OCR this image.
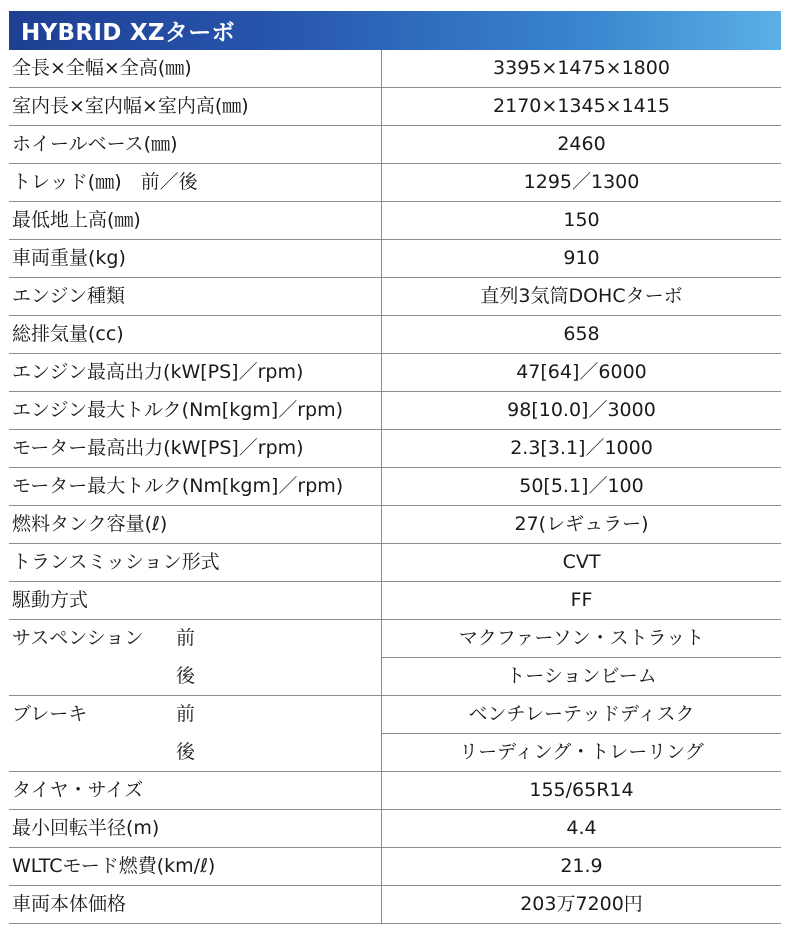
HYBRID XZターボ
全長×全幅×全高(㎜)	3395×1475×1800
室内長×室内幅×室内高(㎜)	2170×1345×1415
ホイールベース(㎜)	2460
トレッド(㎜)　前／後	1295／1300
最低地上高(㎜)	150
車両重量(kg)	910
エンジン種類	直列3気筒DOHCターボ
総排気量(cc)	658
エンジン最高出力(kW[PS]／rpm)	47[64]／6000
エンジン最大トルク(Nm[kgm]／rpm)	98[10.0]／3000
モーター最高出力(kW[PS]／rpm)	2.3[3.1]／1000
モーター最大トルク(Nm[kgm]／rpm)	50[5.1]／100
燃料タンク容量(ℓ)	27(レギュラー)
トランスミッション形式	CVT
駆動方式	FF
サスペンション 前	マクファーソン・ストラット
後	トーションビーム
ブレーキ 前	ベンチレーテッドディスク
後	リーディング・トレーリング
タイヤ・サイズ	155/65R14
最小回転半径(m)	4.4
WLTCモード燃費(km/ℓ)	21.9
車両本体価格	203万7200円
